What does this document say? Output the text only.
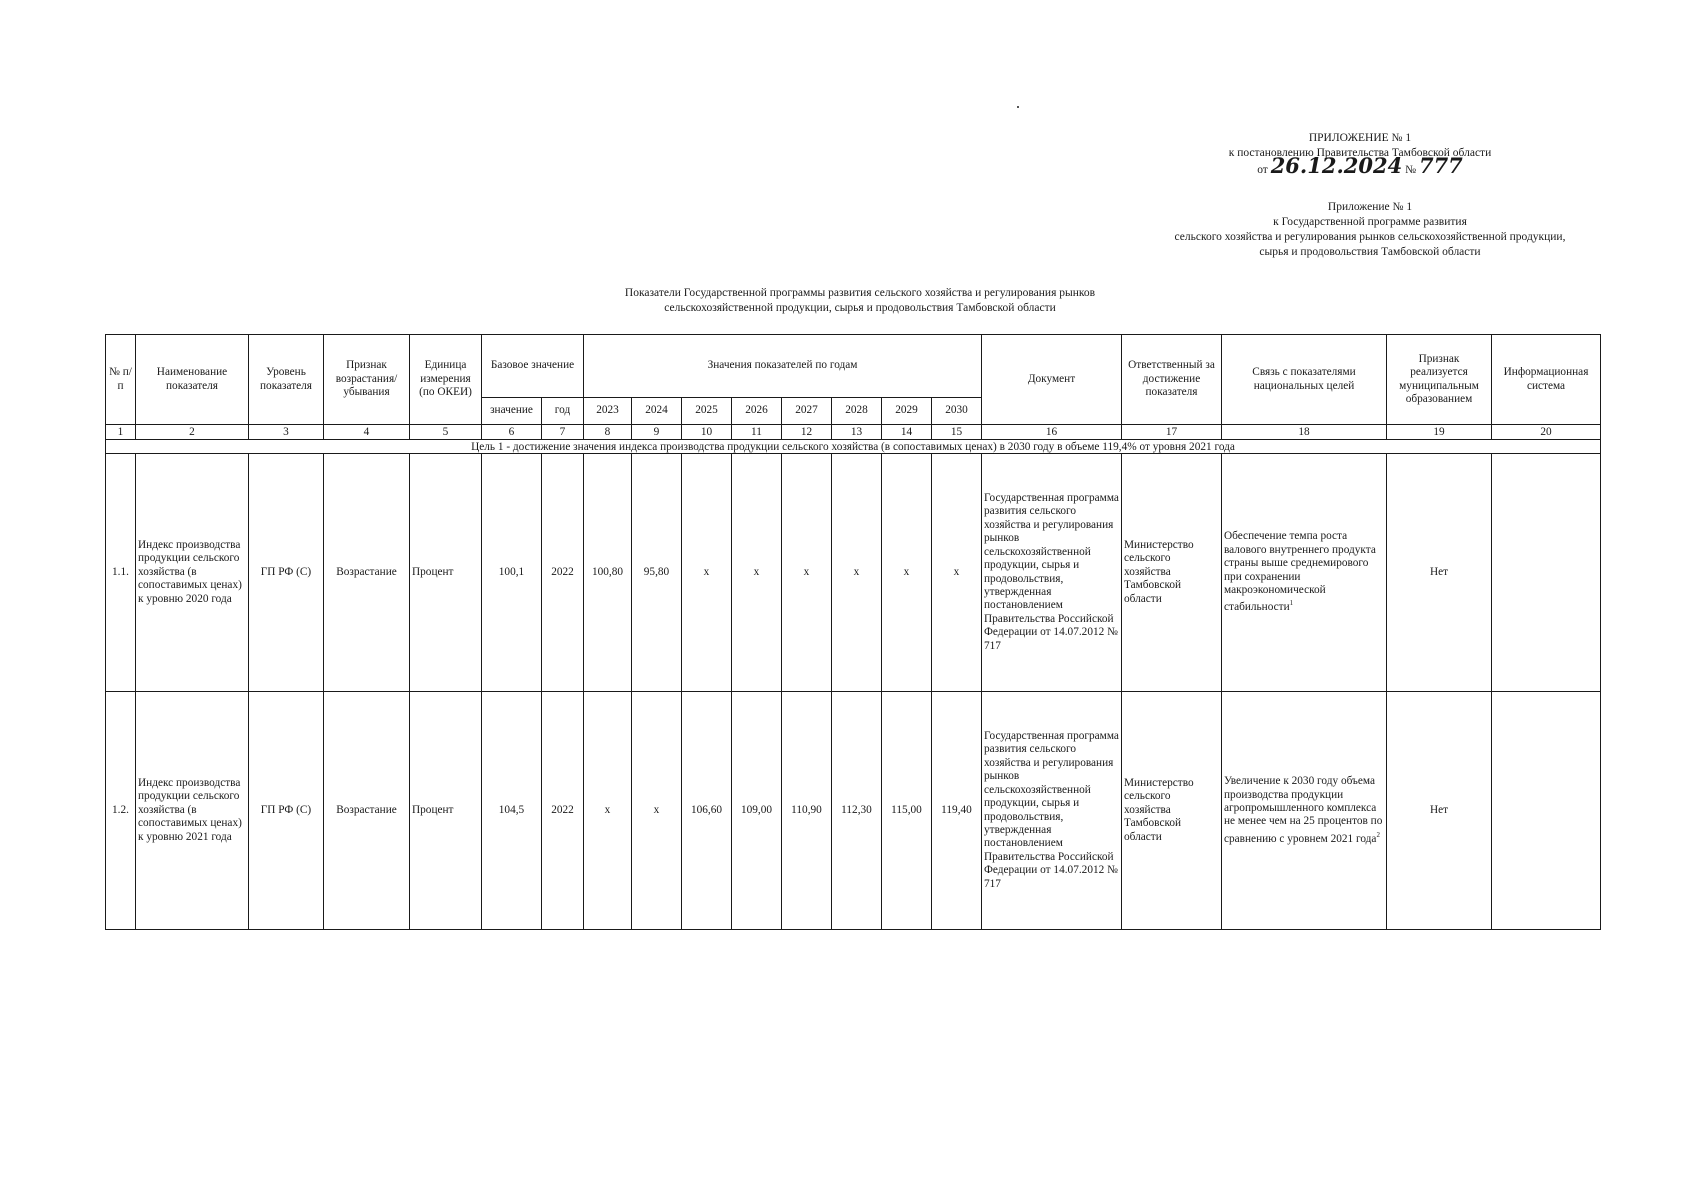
ПРИЛОЖЕНИЕ № 1
к постановлению Правительства Тамбовской области
от 26.12.2024 № 777
Приложение № 1
к Государственной программе развития
сельского хозяйства и регулирования рынков сельскохозяйственной продукции,
сырья и продовольствия Тамбовской области
Показатели Государственной программы развития сельского хозяйства и регулирования рынков
сельскохозяйственной продукции, сырья и продовольствия Тамбовской области
№ п/п	Наименование показателя	Уровень показателя	Признак возрастания/убывания	Единица измерения (по ОКЕИ)	Базовое значение		Значения показателей по годам								Документ	Ответственный за достижение показателя	Связь с показателями национальных целей	Признак реализуется муниципальным образованием	Информационная система
					значение	год	2023	2024	2025	2026	2027	2028	2029	2030					
1	2	3	4	5	6	7	8	9	10	11	12	13	14	15	16	17	18	19	20
Цель 1 - достижение значения индекса производства продукции сельского хозяйства (в сопоставимых ценах) в 2030 году в объеме 119,4% от уровня 2021 года																			
1.1.	Индекс производства продукции сельского хозяйства (в сопоставимых ценах) к уровню 2020 года	ГП РФ (С)	Возрастание	Процент	100,1	2022	100,80	95,80	х	х	х	х	х	х	Государственная программа развития сельского хозяйства и регулирования рынков сельскохозяйственной продукции, сырья и продовольствия, утвержденная постановлением Правительства Российской Федерации от 14.07.2012 № 717	Министерство сельского хозяйства Тамбовской области	Обеспечение темпа роста валового внутреннего продукта страны выше среднемирового при сохранении макроэкономической стабильности$^1$	Нет	
1.2.	Индекс производства продукции сельского хозяйства (в сопоставимых ценах) к уровню 2021 года	ГП РФ (С)	Возрастание	Процент	104,5	2022	х	х	106,60	109,00	110,90	112,30	115,00	119,40	Государственная программа развития сельского хозяйства и регулирования рынков сельскохозяйственной продукции, сырья и продовольствия, утвержденная постановлением Правительства Российской Федерации от 14.07.2012 № 717	Министерство сельского хозяйства Тамбовской области	Увеличение к 2030 году объема производства продукции агропромышленного комплекса не менее чем на 25 процентов по сравнению с уровнем 2021 года$^2$	Нет	
